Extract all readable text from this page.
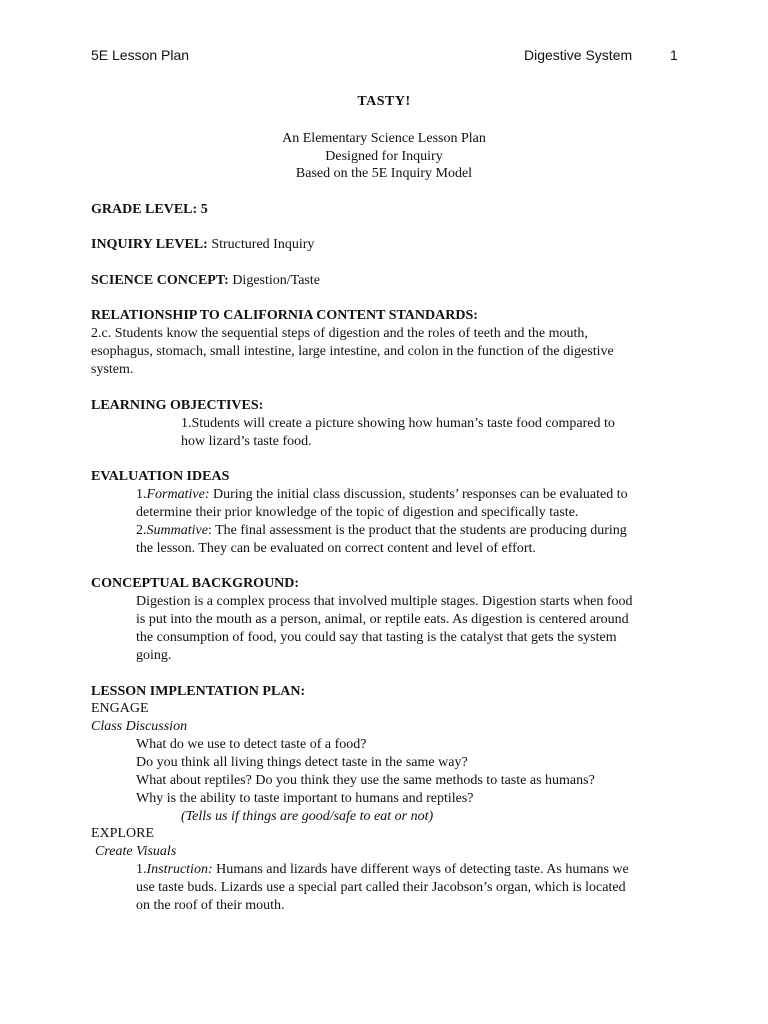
5E Lesson Plan	Digestive System	1
TASTY!
An Elementary Science Lesson Plan
Designed for Inquiry
Based on the 5E Inquiry Model
GRADE LEVEL: 5
INQUIRY LEVEL: Structured Inquiry
SCIENCE CONCEPT: Digestion/Taste
RELATIONSHIP TO CALIFORNIA CONTENT STANDARDS:
2.c. Students know the sequential steps of digestion and the roles of teeth and the mouth,
esophagus, stomach, small intestine, large intestine, and colon in the function of the digestive
system.
LEARNING OBJECTIVES:
1.Students will create a picture showing how human’s taste food compared to
how lizard’s taste food.
EVALUATION IDEAS
1.Formative: During the initial class discussion, students’ responses can be evaluated to
determine their prior knowledge of the topic of digestion and specifically taste.
2.Summative: The final assessment is the product that the students are producing during
the lesson. They can be evaluated on correct content and level of effort.
CONCEPTUAL BACKGROUND:
Digestion is a complex process that involved multiple stages. Digestion starts when food
is put into the mouth as a person, animal, or reptile eats. As digestion is centered around
the consumption of food, you could say that tasting is the catalyst that gets the system
going.
LESSON IMPLENTATION PLAN:
ENGAGE
Class Discussion
What do we use to detect taste of a food?
Do you think all living things detect taste in the same way?
What about reptiles? Do you think they use the same methods to taste as humans?
Why is the ability to taste important to humans and reptiles?
(Tells us if things are good/safe to eat or not)
EXPLORE
Create Visuals
1.Instruction: Humans and lizards have different ways of detecting taste. As humans we
use taste buds. Lizards use a special part called their Jacobson’s organ, which is located
on the roof of their mouth.
